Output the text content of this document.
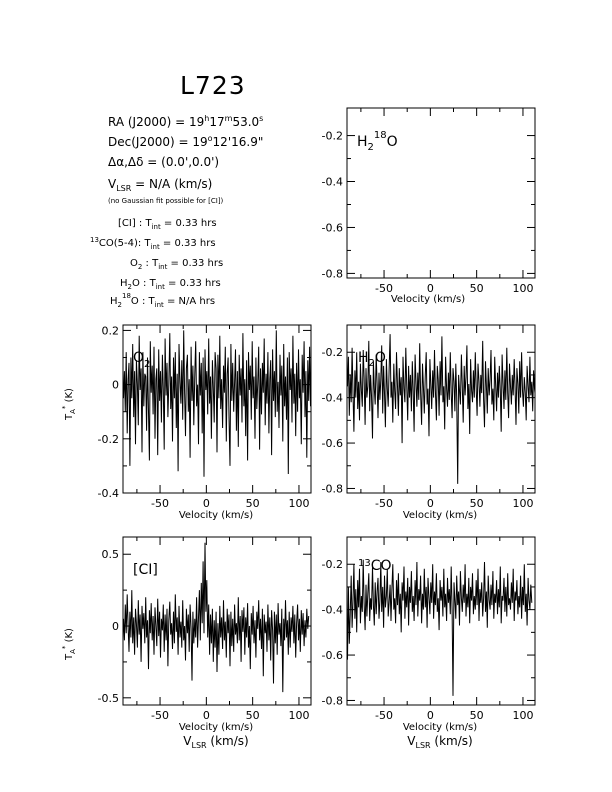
L723
RA $(J2000) = 19^h17^m53.0^s$
$Dec(J2000) = 19^o12'16.9$"
Δα,Δδ = (0.0',0.0')
$V_{LSR} = N/A$ (km/s)
(no Gaussian fit possible for [CI])
[CI] : $T_{int} = 0.33$ hrs
$^{13}$CO(5-4): $T_{int} = 0.33$ hrs
$O_2$ : $T_{int} = 0.33$ hrs
$H_2O$ : $T_{int} = 0.33$ hrs
$H_2^{18}O$ : $T_{int} = N/A$ hrs
-50	0	50	100
-0.2
-0.4
-0.6
-0.8
-50	0	50	100
0.2
0
-0.2
-0.4
-50	0	50	100
-0.2
-0.4
-0.6
-0.8
-50	0	50	100
0.5
0
-0.5
-50	0	50	100
-0.2
-0.4
-0.6
-0.8
$H_2^{18}O$
$O_2$	$H_2O$
[CI]	$^{13}$CO
$T_A^*$ (K)
$T_A^*$ (K)
Velocity (km/s)
Velocity (km/s)	Velocity (km/s)
Velocity (km/s)	Velocity (km/s)
$V_{LSR}$ (km/s)	$V_{LSR}$ (km/s)
